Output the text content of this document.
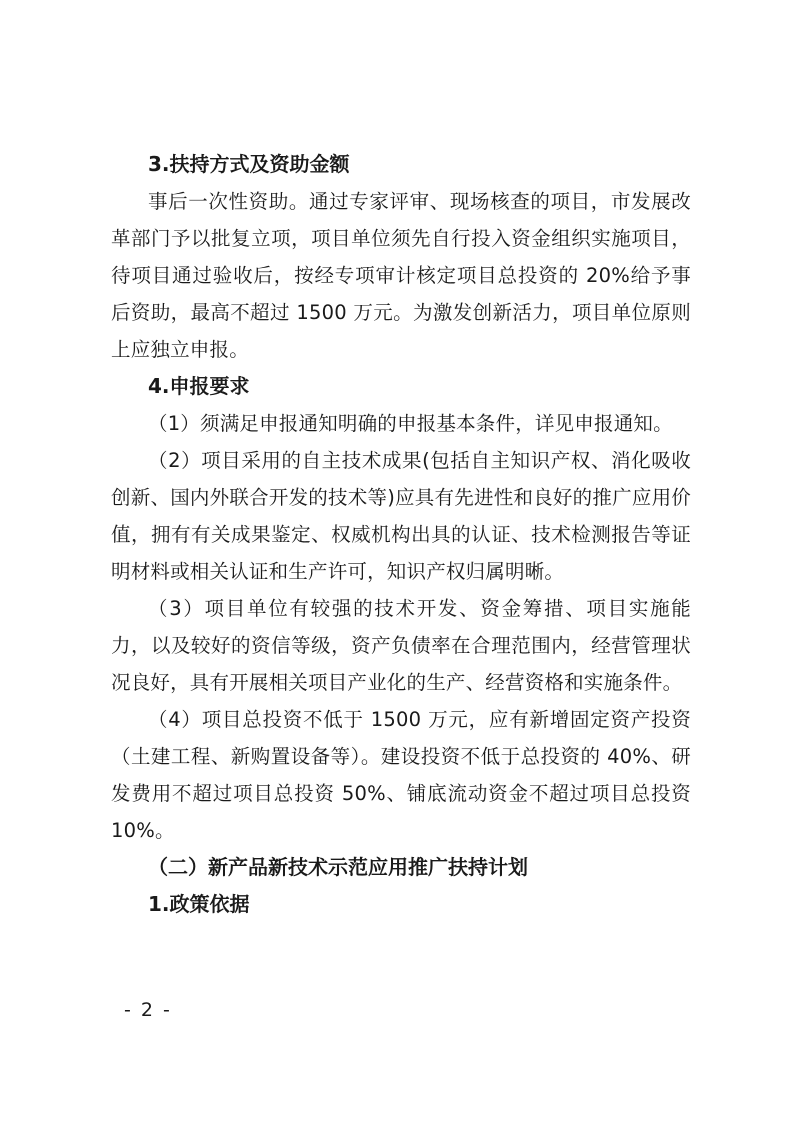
3.扶持方式及资助金额

事后一次性资助。通过专家评审、现场核查的项目，市发展改革部门予以批复立项，项目单位须先自行投入资金组织实施项目，待项目通过验收后，按经专项审计核定项目总投资的 20%给予事后资助，最高不超过 1500 万元。为激发创新活力，项目单位原则上应独立申报。

4.申报要求

（1）须满足申报通知明确的申报基本条件，详见申报通知。

（2）项目采用的自主技术成果(包括自主知识产权、消化吸收创新、国内外联合开发的技术等)应具有先进性和良好的推广应用价值，拥有有关成果鉴定、权威机构出具的认证、技术检测报告等证明材料或相关认证和生产许可，知识产权归属明晰。

（3）项目单位有较强的技术开发、资金筹措、项目实施能力，以及较好的资信等级，资产负债率在合理范围内，经营管理状况良好，具有开展相关项目产业化的生产、经营资格和实施条件。

（4）项目总投资不低于 1500 万元，应有新增固定资产投资（土建工程、新购置设备等）。建设投资不低于总投资的 40%、研发费用不超过项目总投资 50%、铺底流动资金不超过项目总投资 10%。

（二）新产品新技术示范应用推广扶持计划

1.政策依据

- 2 -
